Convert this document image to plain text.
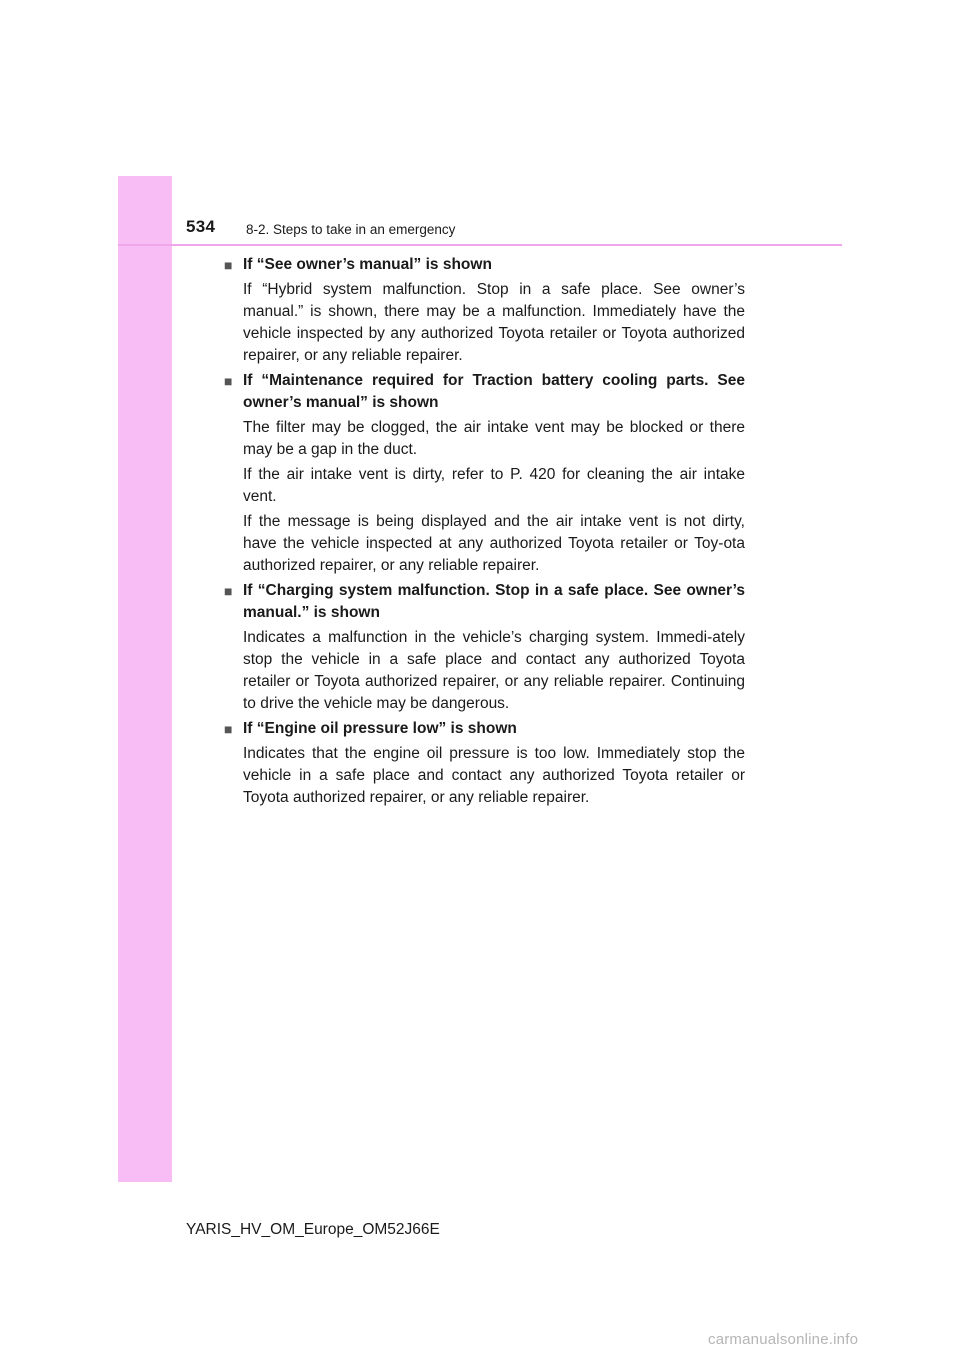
534 8-2. Steps to take in an emergency
■ If “See owner’s manual” is shown

If “Hybrid system malfunction. Stop in a safe place. See owner’s manual.” is shown, there may be a malfunction. Immediately have the vehicle inspected by any authorized Toyota retailer or Toyota authorized repairer, or any reliable repairer.

■ If “Maintenance required for Traction battery cooling parts. See owner’s manual” is shown

The filter may be clogged, the air intake vent may be blocked or there may be a gap in the duct.

If the air intake vent is dirty, refer to P. 420 for cleaning the air intake vent.

If the message is being displayed and the air intake vent is not dirty, have the vehicle inspected at any authorized Toyota retailer or Toy-ota authorized repairer, or any reliable repairer.

■ If “Charging system malfunction. Stop in a safe place. See owner’s manual.” is shown

Indicates a malfunction in the vehicle’s charging system. Immedi-ately stop the vehicle in a safe place and contact any authorized Toyota retailer or Toyota authorized repairer, or any reliable repairer. Continuing to drive the vehicle may be dangerous.

■ If “Engine oil pressure low” is shown

Indicates that the engine oil pressure is too low. Immediately stop the vehicle in a safe place and contact any authorized Toyota retailer or Toyota authorized repairer, or any reliable repairer.

YARIS_HV_OM_Europe_OM52J66E
carmanualsonline.info
